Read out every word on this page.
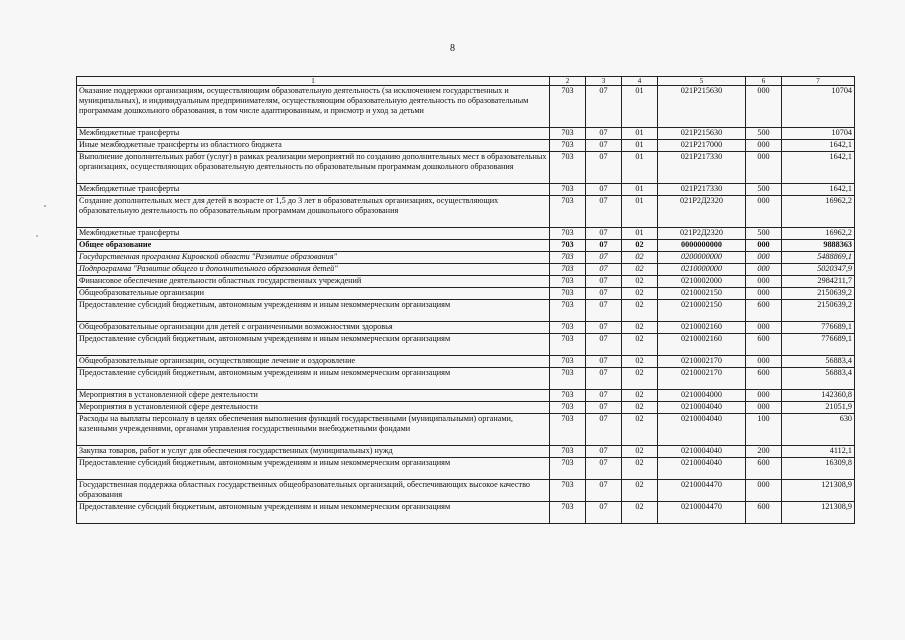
8
1	2	3	4	5	6	7
Оказание поддержки организациям, осуществляющим образовательную деятельность (за исключением государственных и муниципальных), и индивидуальным предпринимателям, осуществляющим образовательную деятельность по образовательным программам дошкольного образования, в том числе адаптированным, и присмотр и уход за детьми	703	07	01	021Р215630	000	10704
Межбюджетные трансферты	703	07	01	021Р215630	500	10704
Иные межбюджетные трансферты из областного бюджета	703	07	01	021Р217000	000	1642,1
Выполнение дополнительных работ (услуг) в рамках реализации мероприятий по созданию дополнительных мест в образовательных организациях, осуществляющих образовательную деятельность по образовательным программам дошкольного образования	703	07	01	021Р217330	000	1642,1
Межбюджетные трансферты	703	07	01	021Р217330	500	1642,1
Создание дополнительных мест для детей в возрасте от 1,5 до 3 лет в образовательных организациях, осуществляющих образовательную деятельность по образовательным программам дошкольного образования	703	07	01	021Р2Д2320	000	16962,2
Межбюджетные трансферты	703	07	01	021Р2Д2320	500	16962,2
Общее образование	703	07	02	0000000000	000	9888363
Государственная программа Кировской области "Развитие образования"	703	07	02	0200000000	000	5488869,1
Подпрограмма "Развитие общего и дополнительного образования детей"	703	07	02	0210000000	000	5020347,9
Финансовое обеспечение деятельности областных государственных учреждений	703	07	02	0210002000	000	2984211,7
Общеобразовательные организации	703	07	02	0210002150	000	2150639,2
Предоставление субсидий бюджетным, автономным учреждениям и иным некоммерческим организациям	703	07	02	0210002150	600	2150639,2
Общеобразовательные организации для детей с ограниченными возможностями здоровья	703	07	02	0210002160	000	776689,1
Предоставление субсидий бюджетным, автономным учреждениям и иным некоммерческим организациям	703	07	02	0210002160	600	776689,1
Общеобразовательные организации, осуществляющие лечение и оздоровление	703	07	02	0210002170	000	56883,4
Предоставление субсидий бюджетным, автономным учреждениям и иным некоммерческим организациям	703	07	02	0210002170	600	56883,4
Мероприятия в установленной сфере деятельности	703	07	02	0210004000	000	142360,8
Мероприятия в установленной сфере деятельности	703	07	02	0210004040	000	21051,9
Расходы на выплаты персоналу в целях обеспечения выполнения функций государственными (муниципальными) органами, казенными учреждениями, органами управления государственными внебюджетными фондами	703	07	02	0210004040	100	630
Закупка товаров, работ и услуг для обеспечения государственных (муниципальных) нужд	703	07	02	0210004040	200	4112,1
Предоставление субсидий бюджетным, автономным учреждениям и иным некоммерческим организациям	703	07	02	0210004040	600	16309,8
Государственная поддержка областных государственных общеобразовательных организаций, обеспечивающих высокое качество образования	703	07	02	0210004470	000	121308,9
Предоставление субсидий бюджетным, автономным учреждениям и иным некоммерческим организациям	703	07	02	0210004470	600	121308,9
